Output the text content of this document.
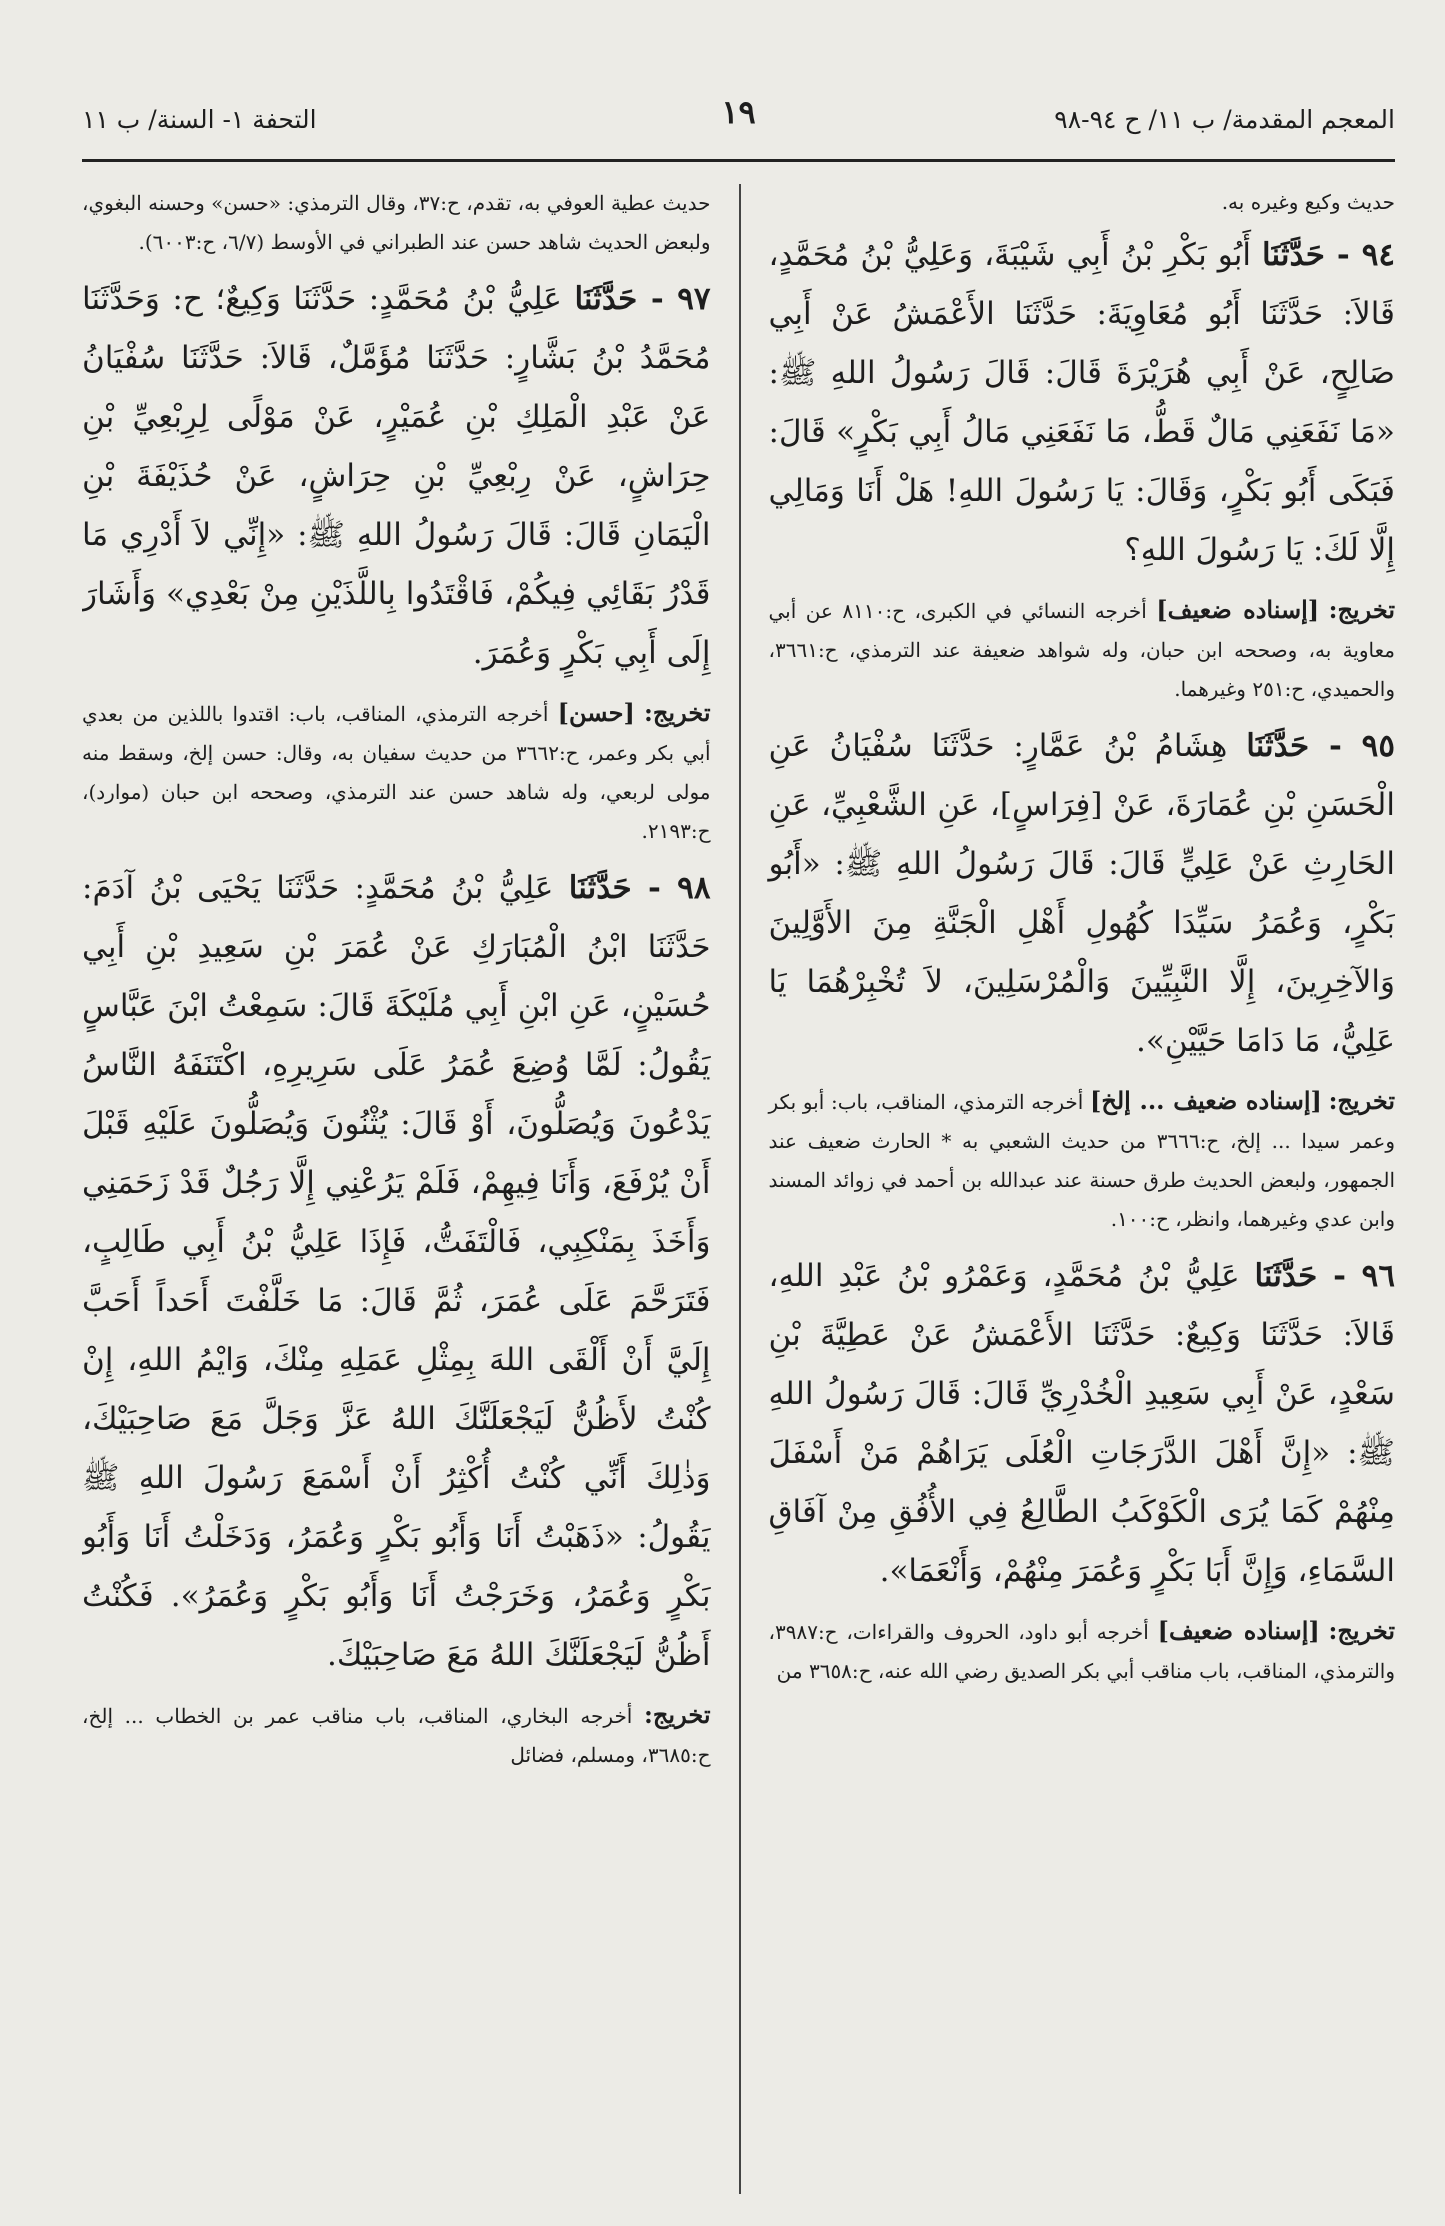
المعجم المقدمة/ ب ١١/ ح ٩٤-٩٨
١٩
التحفة ١- السنة/ ب ١١

حديث وكيع وغيره به.

٩٤ - حَدَّثَنَا أَبُو بَكْرِ بْنُ أَبِي شَيْبَةَ، وَعَلِيُّ بْنُ مُحَمَّدٍ، قَالاَ: حَدَّثَنَا أَبُو مُعَاوِيَةَ: حَدَّثَنَا الأَعْمَشُ عَنْ أَبِي صَالِحٍ، عَنْ أَبِي هُرَيْرَةَ قَالَ: قَالَ رَسُولُ اللهِ ﷺ: «مَا نَفَعَنِي مَالٌ قَطُّ، مَا نَفَعَنِي مَالُ أَبِي بَكْرٍ» قَالَ: فَبَكَى أَبُو بَكْرٍ، وَقَالَ: يَا رَسُولَ اللهِ! هَلْ أَنَا وَمَالِي إِلَّا لَكَ: يَا رَسُولَ اللهِ؟

تخريج: [إسناده ضعيف] أخرجه النسائي في الكبرى، ح:٨١١٠ عن أبي معاوية به، وصححه ابن حبان، وله شواهد ضعيفة عند الترمذي، ح:٣٦٦١، والحميدي، ح:٢٥١ وغيرهما.

٩٥ - حَدَّثَنَا هِشَامُ بْنُ عَمَّارٍ: حَدَّثَنَا سُفْيَانُ عَنِ الْحَسَنِ بْنِ عُمَارَةَ، عَنْ [فِرَاسٍ]، عَنِ الشَّعْبِيِّ، عَنِ الحَارِثِ عَنْ عَلِيٍّ قَالَ: قَالَ رَسُولُ اللهِ ﷺ: «أَبُو بَكْرٍ، وَعُمَرُ سَيِّدَا كُهُولِ أَهْلِ الْجَنَّةِ مِنَ الأَوَّلِينَ وَالآخِرِينَ، إِلَّا النَّبِيِّينَ وَالْمُرْسَلِينَ، لاَ تُخْبِرْهُمَا يَا عَلِيُّ، مَا دَامَا حَيَّيْنِ».

تخريج: [إسناده ضعيف ... إلخ] أخرجه الترمذي، المناقب، باب: أبو بكر وعمر سيدا ... إلخ، ح:٣٦٦٦ من حديث الشعبي به * الحارث ضعيف عند الجمهور، ولبعض الحديث طرق حسنة عند عبدالله بن أحمد في زوائد المسند وابن عدي وغيرهما، وانظر، ح:١٠٠.

٩٦ - حَدَّثَنَا عَلِيُّ بْنُ مُحَمَّدٍ، وَعَمْرُو بْنُ عَبْدِ اللهِ، قَالاَ: حَدَّثَنَا وَكِيعٌ: حَدَّثَنَا الأَعْمَشُ عَنْ عَطِيَّةَ بْنِ سَعْدٍ، عَنْ أَبِي سَعِيدِ الْخُدْرِيِّ قَالَ: قَالَ رَسُولُ اللهِ ﷺ: «إِنَّ أَهْلَ الدَّرَجَاتِ الْعُلَى يَرَاهُمْ مَنْ أَسْفَلَ مِنْهُمْ كَمَا يُرَى الْكَوْكَبُ الطَّالِعُ فِي الأُفُقِ مِنْ آفَاقِ السَّمَاءِ، وَإِنَّ أَبَا بَكْرٍ وَعُمَرَ مِنْهُمْ، وَأَنْعَمَا».

تخريج: [إسناده ضعيف] أخرجه أبو داود، الحروف والقراءات، ح:٣٩٨٧، والترمذي، المناقب، باب مناقب أبي بكر الصديق رضي الله عنه، ح:٣٦٥٨ من

حديث عطية العوفي به، تقدم، ح:٣٧، وقال الترمذي: «حسن» وحسنه البغوي، ولبعض الحديث شاهد حسن عند الطبراني في الأوسط (٦/٧، ح:٦٠٠٣).

٩٧ - حَدَّثَنَا عَلِيُّ بْنُ مُحَمَّدٍ: حَدَّثَنَا وَكِيعٌ؛ ح: وَحَدَّثَنَا مُحَمَّدُ بْنُ بَشَّارٍ: حَدَّثَنَا مُؤَمَّلٌ، قَالاَ: حَدَّثَنَا سُفْيَانُ عَنْ عَبْدِ الْمَلِكِ بْنِ عُمَيْرٍ، عَنْ مَوْلًى لِرِبْعِيِّ بْنِ حِرَاشٍ، عَنْ رِبْعِيِّ بْنِ حِرَاشٍ، عَنْ حُذَيْفَةَ بْنِ الْيَمَانِ قَالَ: قَالَ رَسُولُ اللهِ ﷺ: «إِنِّي لاَ أَدْرِي مَا قَدْرُ بَقَائِي فِيكُمْ، فَاقْتَدُوا بِاللَّذَيْنِ مِنْ بَعْدِي» وَأَشَارَ إِلَى أَبِي بَكْرٍ وَعُمَرَ.

تخريج: [حسن] أخرجه الترمذي، المناقب، باب: اقتدوا باللذين من بعدي أبي بكر وعمر، ح:٣٦٦٢ من حديث سفيان به، وقال: حسن إلخ، وسقط منه مولى لربعي، وله شاهد حسن عند الترمذي، وصححه ابن حبان (موارد)، ح:٢١٩٣.

٩٨ - حَدَّثَنَا عَلِيُّ بْنُ مُحَمَّدٍ: حَدَّثَنَا يَحْيَى بْنُ آدَمَ: حَدَّثَنَا ابْنُ الْمُبَارَكِ عَنْ عُمَرَ بْنِ سَعِيدِ بْنِ أَبِي حُسَيْنٍ، عَنِ ابْنِ أَبِي مُلَيْكَةَ قَالَ: سَمِعْتُ ابْنَ عَبَّاسٍ يَقُولُ: لَمَّا وُضِعَ عُمَرُ عَلَى سَرِيرِهِ، اكْتَنَفَهُ النَّاسُ يَدْعُونَ وَيُصَلُّونَ، أَوْ قَالَ: يُثْنُونَ وَيُصَلُّونَ عَلَيْهِ قَبْلَ أَنْ يُرْفَعَ، وَأَنَا فِيهِمْ، فَلَمْ يَرُعْنِي إِلَّا رَجُلٌ قَدْ زَحَمَنِي وَأَخَذَ بِمَنْكِبِي، فَالْتَفَتُّ، فَإِذَا عَلِيُّ بْنُ أَبِي طَالِبٍ، فَتَرَحَّمَ عَلَى عُمَرَ، ثُمَّ قَالَ: مَا خَلَّفْتَ أَحَداً أَحَبَّ إِلَيَّ أَنْ أَلْقَى اللهَ بِمِثْلِ عَمَلِهِ مِنْكَ، وَايْمُ اللهِ، إِنْ كُنْتُ لأَظُنُّ لَيَجْعَلَنَّكَ اللهُ عَزَّ وَجَلَّ مَعَ صَاحِبَيْكَ، وَذٰلِكَ أَنِّي كُنْتُ أُكْثِرُ أَنْ أَسْمَعَ رَسُولَ اللهِ ﷺ يَقُولُ: «ذَهَبْتُ أَنَا وَأَبُو بَكْرٍ وَعُمَرُ، وَدَخَلْتُ أَنَا وَأَبُو بَكْرٍ وَعُمَرُ، وَخَرَجْتُ أَنَا وَأَبُو بَكْرٍ وَعُمَرُ». فَكُنْتُ أَظُنُّ لَيَجْعَلَنَّكَ اللهُ مَعَ صَاحِبَيْكَ.

تخريج: أخرجه البخاري، المناقب، باب مناقب عمر بن الخطاب ... إلخ، ح:٣٦٨٥، ومسلم، فضائل
